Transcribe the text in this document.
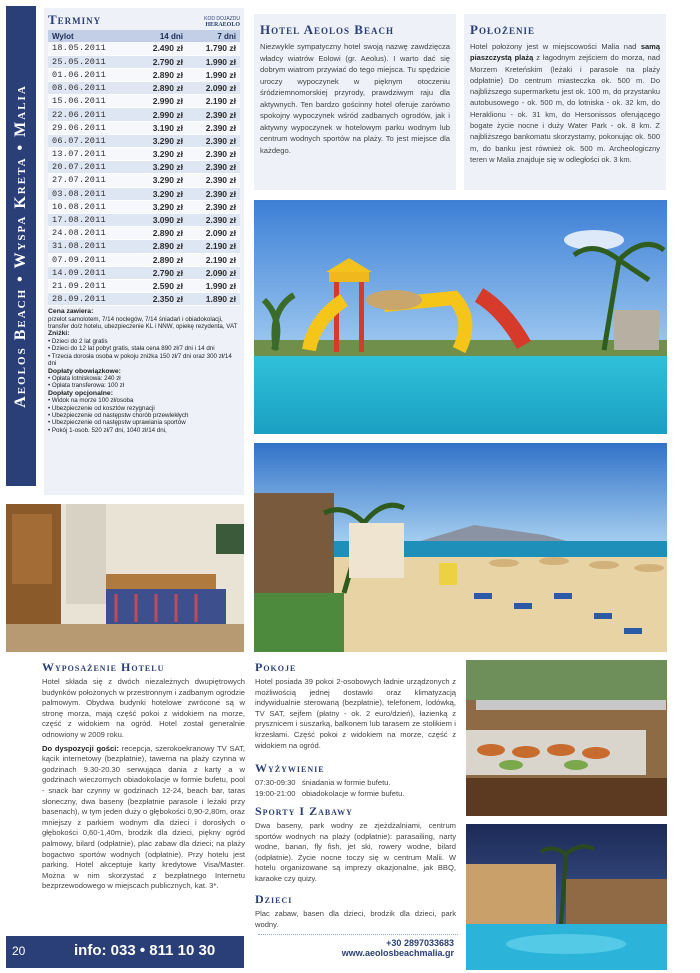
Aeolos Beach • Wyspa Kreta • Malia
Terminy	KOD DOJAZDU
HERAEOLO
Wylot	14 dni	7 dni
18.05.2011	2.490 zł	1.790 zł
25.05.2011	2.790 zł	1.990 zł
01.06.2011	2.890 zł	1.990 zł
08.06.2011	2.890 zł	2.090 zł
15.06.2011	2.990 zł	2.190 zł
22.06.2011	2.990 zł	2.390 zł
29.06.2011	3.190 zł	2.390 zł
06.07.2011	3.290 zł	2.390 zł
13.07.2011	3.290 zł	2.390 zł
20.07.2011	3.290 zł	2.390 zł
27.07.2011	3.290 zł	2.390 zł
03.08.2011	3.290 zł	2.390 zł
10.08.2011	3.290 zł	2.390 zł
17.08.2011	3.090 zł	2.390 zł
24.08.2011	2.890 zł	2.090 zł
31.08.2011	2.890 zł	2.190 zł
07.09.2011	2.890 zł	2.190 zł
14.09.2011	2.790 zł	2.090 zł
21.09.2011	2.590 zł	1.990 zł
28.09.2011	2.350 zł	1.890 zł
Cena zawiera:
przelot samolotem, 7/14 noclegów, 7/14 śniadań i obiadokolacji, transfer do/z hotelu, ubezpieczenie KL i NNW, opiekę rezydenta, VAT
Zniżki:
• Dzieci do 2 lat gratis
• Dzieci do 12 lat pobyt gratis, stała cena 890 zł/7 dni i 14 dni
• Trzecia dorosła osoba w pokoju zniżka 150 zł/7 dni oraz 300 zł/14 dni
Dopłaty obowiązkowe:
• Opłata lotniskowa: 240 zł
• Opłata transferowa: 100 zł
Dopłaty opcjonalne:
• Widok na morze 100 zł/osoba
• Ubezpieczenie od kosztów rezygnacji
• Ubezpieczenie od następstw chorób przewlekłych
• Ubezpieczenie od następstw uprawiania sportów
• Pokój 1-osob. 520 zł/7 dni, 1040 zł/14 dni,
Hotel Aeolos Beach

Niezwykle sympatyczny hotel swoją nazwę zawdzięcza władcy wiatrów Eolowi (gr. Aeolus). I warto dać się dobrym wiatrom przywiać do tego miejsca. Tu spędzicie uroczy wypoczynek w pięknym otoczeniu śródziemnomorskiej przyrody, prawdziwym raju dla aktywnych. Ten bardzo gościnny hotel oferuje zarówno spokojny wypoczynek wśród zadbanych ogrodów, jak i aktywny wypoczynek w hotelowym parku wodnym lub centrum wodnych sportów na plaży. To jest miejsce dla każdego.

Położenie

Hotel położony jest w miejscowości Malia nad samą piaszczystą plażą z łagodnym zejściem do morza, nad Morzem Kreteńskim (leżaki i parasole na plaży odpłatnie) Do centrum miasteczka ok. 500 m. Do najbliższego supermarketu jest ok. 100 m, do przystanku autobusowego - ok. 500 m, do lotniska - ok. 32 km, do Heraklionu - ok. 31 km, do Hersonissos oferującego bogate życie nocne i duży Water Park - ok. 8 km. Z najbliższego bankomatu skorzystamy, pokonując ok. 500 m, do banku jest również ok. 500 m. Archeologiczny teren w Malia znajduje się w odległości ok. 3 km.

Wyposażenie Hotelu

Hotel składa się z dwóch niezależnych dwupiętrowych budynków położonych w przestronnym i zadbanym ogrodzie palmowym. Obydwa budynki hotelowe zwrócone są w stronę morza, mają część pokoi z widokiem na morze, część z widokiem na ogród. Hotel został generalnie odnowiony w 2009 roku.

Do dyspozycji gości: recepcja, szerokoekranowy TV SAT, kącik internetowy (bezpłatnie), tawerna na plaży czynna w godzinach 9.30-20.30 serwująca dania z karty a w godzinach wieczornych obiadokolacje w formie bufetu, pool - snack bar czynny w godzinach 12-24, beach bar, taras słoneczny, dwa baseny (bezpłatnie parasole i leżaki przy basenach), w tym jeden duży o głębokości 0,90-2,80m, oraz mniejszy z parkiem wodnym dla dzieci i dorosłych o głębokości 0,60-1,40m, brodzik dla dzieci, piękny ogród palmowy, bilard (odpłatnie), plac zabaw dla dzieci; na plaży bogactwo sportów wodnych (odpłatnie). Przy hotelu jest parking. Hotel akceptuje karty kredytowe Visa/Master. Można w nim skorzystać z bezpłatnego Internetu bezprzewodowego w miejscach publicznych, kat. 3*.

Pokoje

Hotel posiada 39 pokoi 2-osobowych ładnie urządzonych z możliwością jednej dostawki oraz klimatyzacją indywidualnie sterowaną (bezpłatnie), telefonem, lodówką, TV SAT, sejfem (płatny - ok. 2 euro/dzień), łazienką z prysznicem i suszarką, balkonem lub tarasem ze stolikiem i krzesłami. Część pokoi z widokiem na morze, część z widokiem na ogród.

Wyżywienie
07:30-09:30   śniadania w formie bufetu.
19:00-21:00   obiadokolacje w formie bufetu.
Sporty I Zabawy

Dwa baseny, park wodny ze zjeżdżalniami, centrum sportów wodnych na plaży (odpłatnie): parasailing, narty wodne, banan, fly fish, jet ski, rowery wodne, bilard (odpłatnie). Życie nocne toczy się w centrum Malii. W hotelu organizowane są imprezy okazjonalne, jak BBQ, karaoke czy quizy.

Dzieci

Plac zabaw, basen dla dzieci, brodzik dla dzieci, park wodny.

20	info: 033 • 811 10 30	+30 2897033683
www.aeolosbeachmalia.gr
